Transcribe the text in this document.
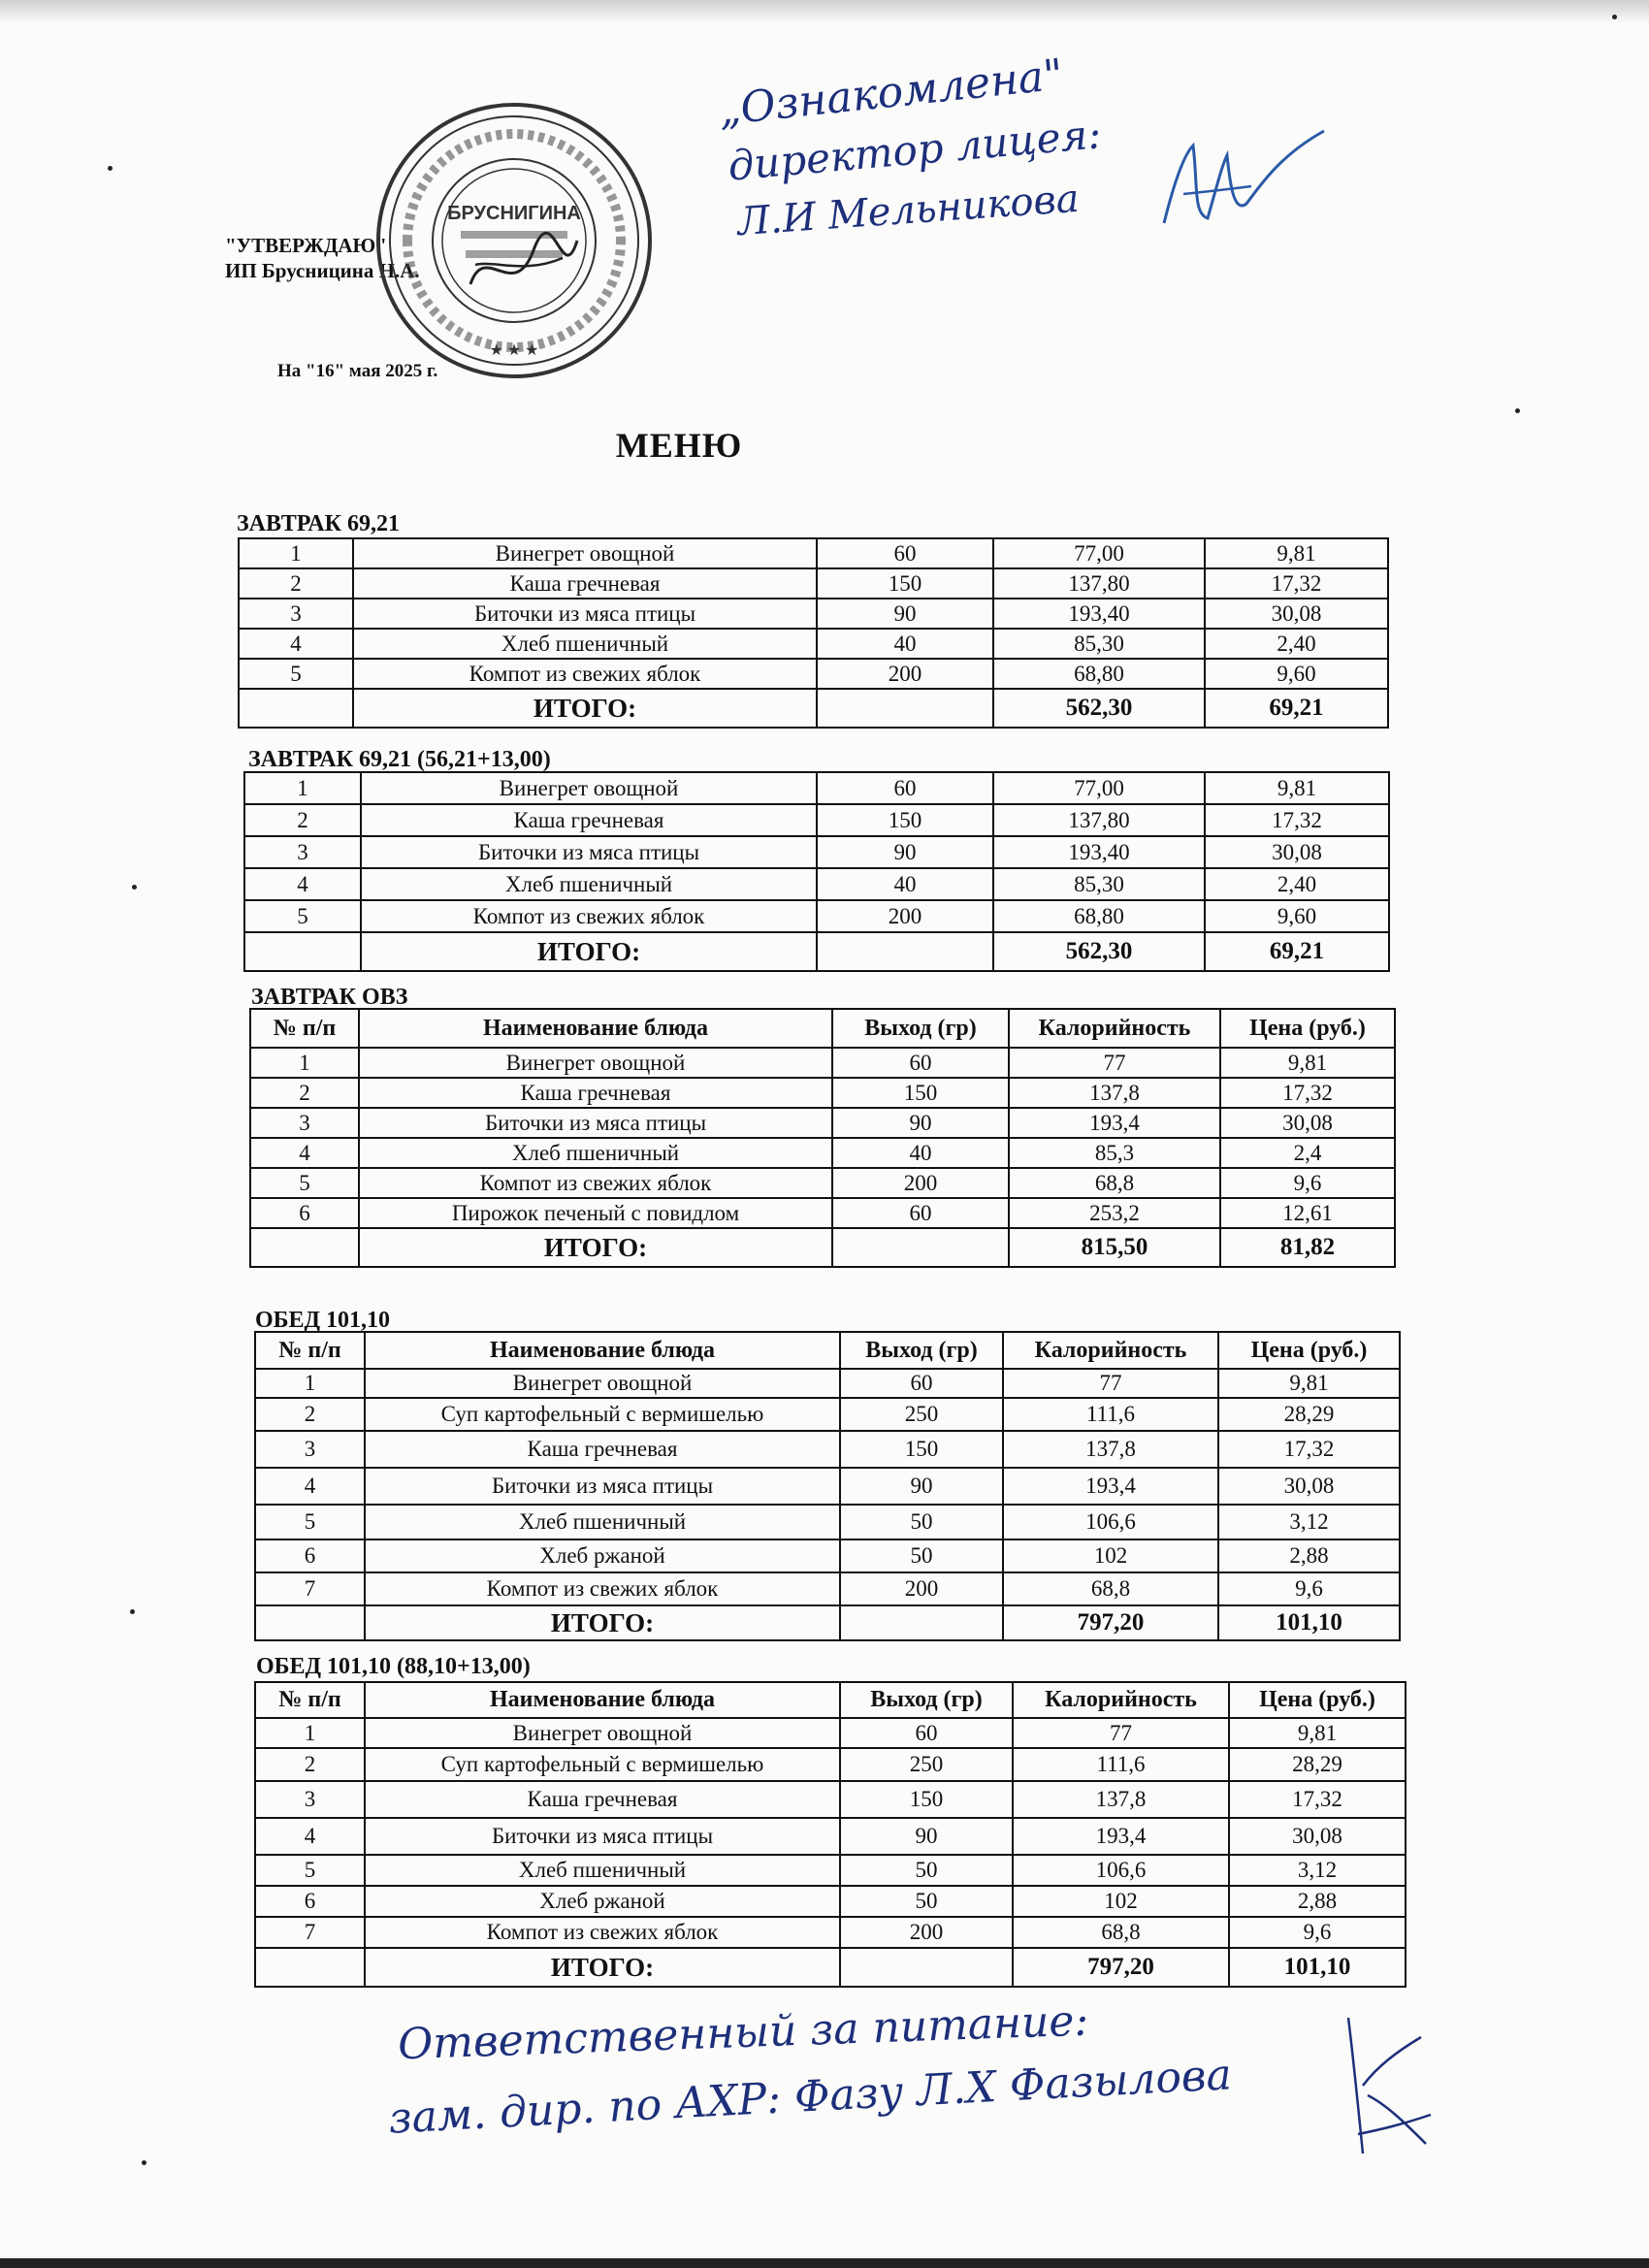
"УТВЕРЖДАЮ"
ИП Брусницина Н.А.
На "16" мая 2025 г.
БРУСНИГИНА
★ ★ ★
„Ознакомлена"
директор лицея:
Л.И Мельникова
МЕНЮ
ЗАВТРАК 69,21
1	Винегрет овощной	60	77,00	9,81
2	Каша гречневая	150	137,80	17,32
3	Биточки из мяса птицы	90	193,40	30,08
4	Хлеб пшеничный	40	85,30	2,40
5	Компот из свежих яблок	200	68,80	9,60
	ИТОГО:		562,30	69,21
ЗАВТРАК 69,21 (56,21+13,00)
1	Винегрет овощной	60	77,00	9,81
2	Каша гречневая	150	137,80	17,32
3	Биточки из мяса птицы	90	193,40	30,08
4	Хлеб пшеничный	40	85,30	2,40
5	Компот из свежих яблок	200	68,80	9,60
	ИТОГО:		562,30	69,21
ЗАВТРАК ОВЗ
№ п/п	Наименование блюда	Выход (гр)	Калорийность	Цена (руб.)
1	Винегрет овощной	60	77	9,81
2	Каша гречневая	150	137,8	17,32
3	Биточки из мяса птицы	90	193,4	30,08
4	Хлеб пшеничный	40	85,3	2,4
5	Компот из свежих яблок	200	68,8	9,6
6	Пирожок печеный с повидлом	60	253,2	12,61
	ИТОГО:		815,50	81,82
ОБЕД 101,10
№ п/п	Наименование блюда	Выход (гр)	Калорийность	Цена (руб.)
1	Винегрет овощной	60	77	9,81
2	Суп картофельный с вермишелью	250	111,6	28,29
3	Каша гречневая	150	137,8	17,32
4	Биточки из мяса птицы	90	193,4	30,08
5	Хлеб пшеничный	50	106,6	3,12
6	Хлеб ржаной	50	102	2,88
7	Компот из свежих яблок	200	68,8	9,6
	ИТОГО:		797,20	101,10
ОБЕД 101,10 (88,10+13,00)
№ п/п	Наименование блюда	Выход (гр)	Калорийность	Цена (руб.)
1	Винегрет овощной	60	77	9,81
2	Суп картофельный с вермишелью	250	111,6	28,29
3	Каша гречневая	150	137,8	17,32
4	Биточки из мяса птицы	90	193,4	30,08
5	Хлеб пшеничный	50	106,6	3,12
6	Хлеб ржаной	50	102	2,88
7	Компот из свежих яблок	200	68,8	9,6
	ИТОГО:		797,20	101,10
Ответственный за питание:
зам. дир. по АХР: Фазу Л.Х Фазылова
